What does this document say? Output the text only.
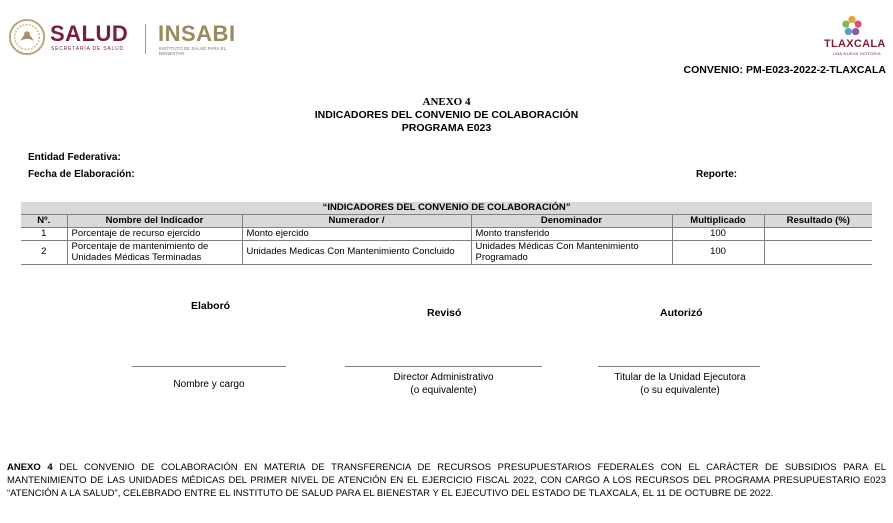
SALUD
SECRETARÍA DE SALUD
INSABI
INSTITUTO DE SALUD PARA EL BIENESTAR
TLAXCALA
UNA NUEVA HISTORIA
CONVENIO: PM-E023-2022-2-TLAXCALA
ANEXO 4
INDICADORES DEL CONVENIO DE COLABORACIÓN
PROGRAMA E023
Entidad Federativa:
Fecha de Elaboración:	Reporte:
“INDICADORES DEL CONVENIO DE COLABORACIÓN”					
Nº.	Nombre del Indicador	Numerador /	Denominador	Multiplicado	Resultado (%)
1	Porcentaje de recurso ejercido	Monto ejercido	Monto transferido	100	
2	Porcentaje de mantenimiento de Unidades Médicas Terminadas	Unidades Medicas Con Mantenimiento Concluido	Unidades Médicas Con Mantenimiento Programado	100	
Elaboró
Revisó	Autorizó
Nombre y cargo
Director Administrativo
(o equivalente)
Titular de la Unidad Ejecutora
(o su equivalente)
ANEXO 4 DEL CONVENIO DE COLABORACIÓN EN MATERIA DE TRANSFERENCIA DE RECURSOS PRESUPUESTARIOS FEDERALES CON EL CARÁCTER DE SUBSIDIOS PARA EL MANTENIMIENTO DE LAS UNIDADES MÉDICAS DEL PRIMER NIVEL DE ATENCIÓN EN EL EJERCICIO FISCAL 2022, CON CARGO A LOS RECURSOS DEL PROGRAMA PRESUPUESTARIO E023 “ATENCIÓN A LA SALUD”, CELEBRADO ENTRE EL INSTITUTO DE SALUD PARA EL BIENESTAR Y EL EJECUTIVO DEL ESTADO DE TLAXCALA, EL 11 DE OCTUBRE DE 2022.
